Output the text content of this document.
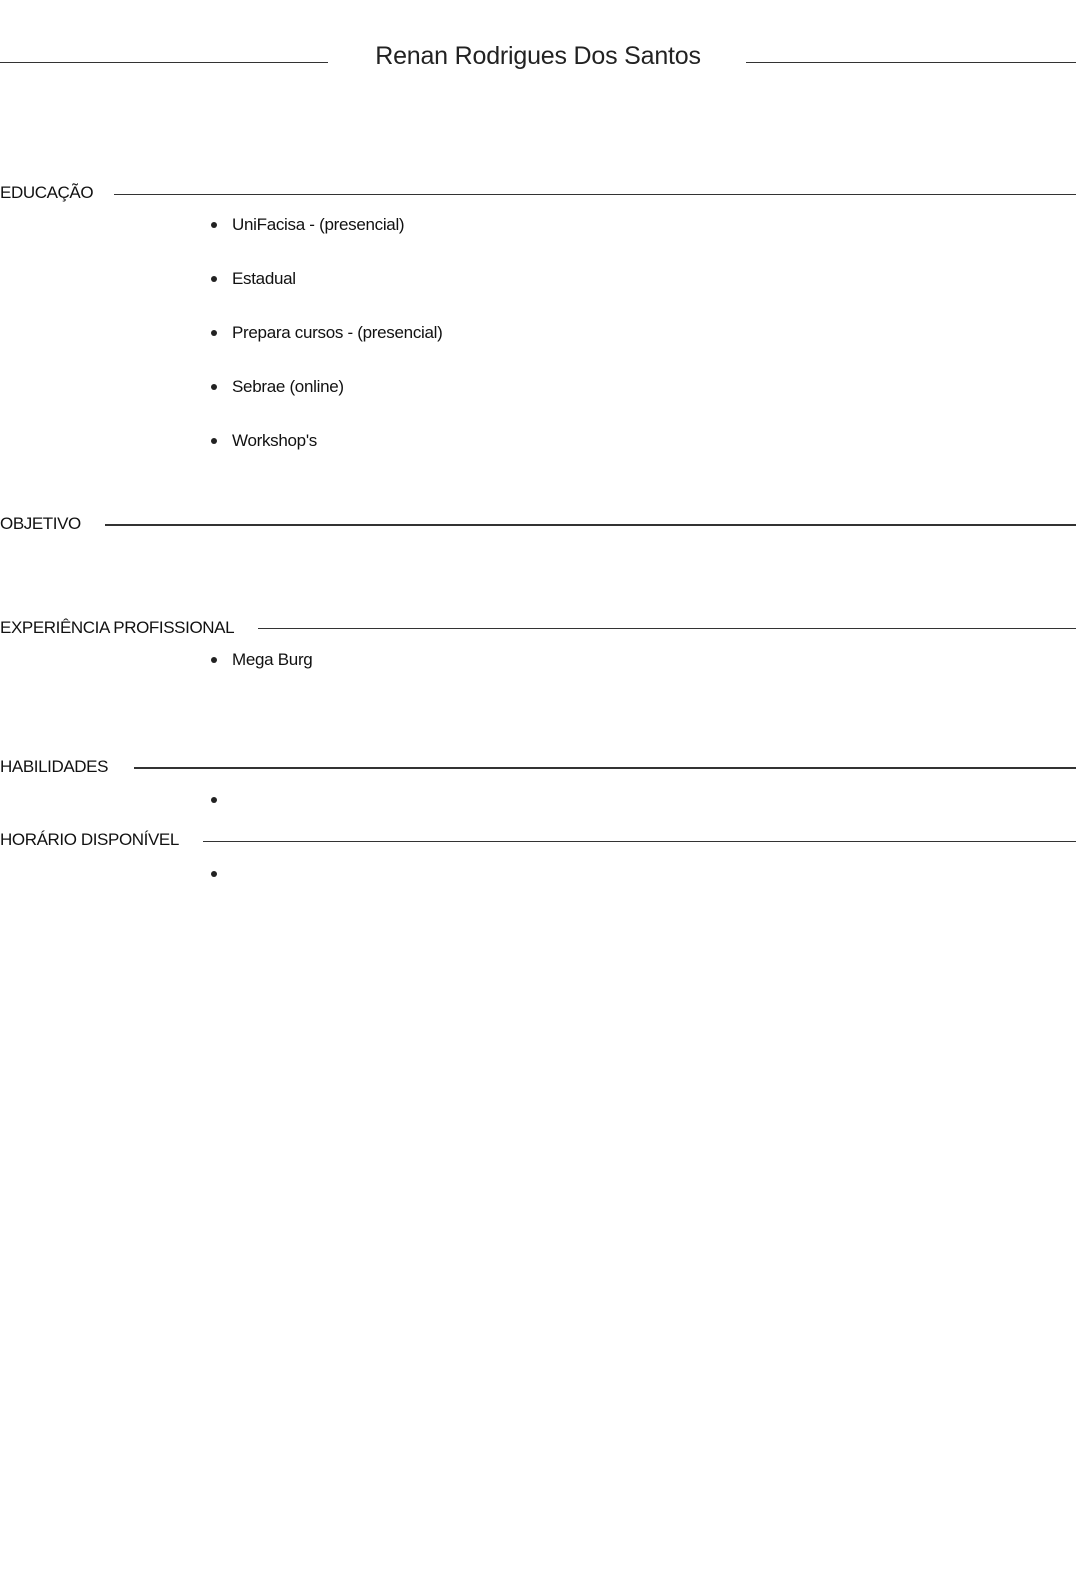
Renan Rodrigues Dos Santos
EDUCAÇÃO
UniFacisa - (presencial)
Estadual
Prepara cursos - (presencial)
Sebrae (online)
Workshop's
OBJETIVO
EXPERIÊNCIA PROFISSIONAL
Mega Burg
HABILIDADES
HORÁRIO DISPONÍVEL
